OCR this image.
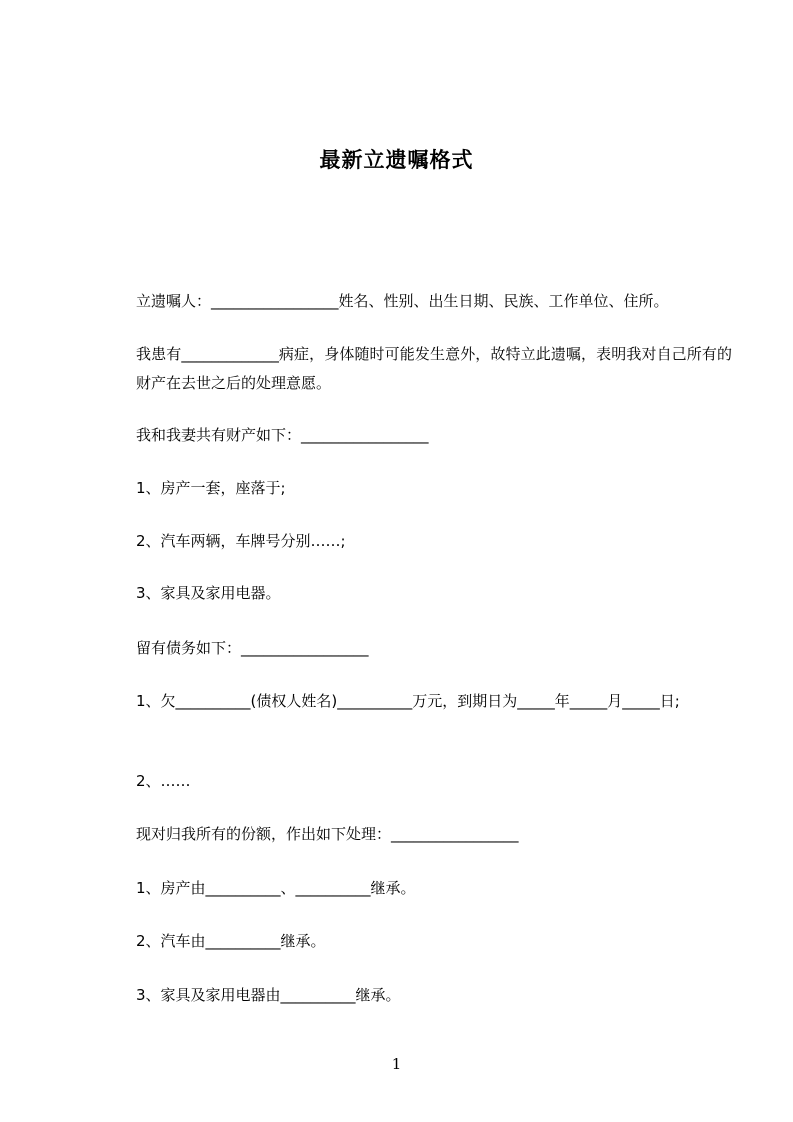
最新立遗嘱格式
立遗嘱人：_________________姓名、性别、出生日期、民族、工作单位、住所。
我患有_____________病症，身体随时可能发生意外，故特立此遗嘱，表明我对自己所有的财产在去世之后的处理意愿。
我和我妻共有财产如下：_________________
1、房产一套，座落于;
2、汽车两辆，车牌号分别……;
3、家具及家用电器。
留有债务如下：_________________
1、欠__________(债权人姓名)__________万元，到期日为_____年_____月_____日;
2、……
现对归我所有的份额，作出如下处理：_________________
1、房产由__________、__________继承。
2、汽车由__________继承。
3、家具及家用电器由__________继承。
1
